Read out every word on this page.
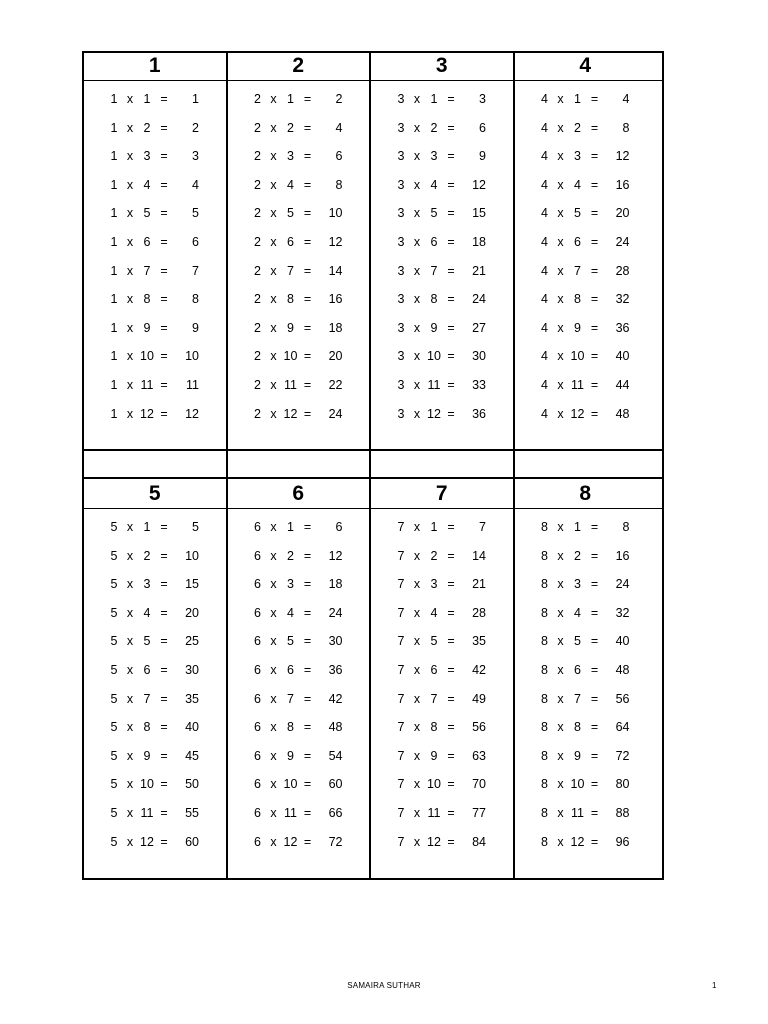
1
1 x 1 =	1
1 x 2 =	2
1 x 3 =	3
1 x 4 =	4
1 x 5 =	5
1 x 6 =	6
1 x 7 =	7
1 x 8 =	8
1 x 9 =	9
1 x 10 =	10
1 x 11 =	11
1 x 12 =	12
2
2 x 1 =	2
2 x 2 =	4
2 x 3 =	6
2 x 4 =	8
2 x 5 =	10
2 x 6 =	12
2 x 7 =	14
2 x 8 =	16
2 x 9 =	18
2 x 10 =	20
2 x 11 =	22
2 x 12 =	24
3
3 x 1 =	3
3 x 2 =	6
3 x 3 =	9
3 x 4 =	12
3 x 5 =	15
3 x 6 =	18
3 x 7 =	21
3 x 8 =	24
3 x 9 =	27
3 x 10 =	30
3 x 11 =	33
3 x 12 =	36
4
4 x 1 =	4
4 x 2 =	8
4 x 3 =	12
4 x 4 =	16
4 x 5 =	20
4 x 6 =	24
4 x 7 =	28
4 x 8 =	32
4 x 9 =	36
4 x 10 =	40
4 x 11 =	44
4 x 12 =	48
5
5 x 1 =	5
5 x 2 =	10
5 x 3 =	15
5 x 4 =	20
5 x 5 =	25
5 x 6 =	30
5 x 7 =	35
5 x 8 =	40
5 x 9 =	45
5 x 10 =	50
5 x 11 =	55
5 x 12 =	60
6
6 x 1 =	6
6 x 2 =	12
6 x 3 =	18
6 x 4 =	24
6 x 5 =	30
6 x 6 =	36
6 x 7 =	42
6 x 8 =	48
6 x 9 =	54
6 x 10 =	60
6 x 11 =	66
6 x 12 =	72
7
7 x 1 =	7
7 x 2 =	14
7 x 3 =	21
7 x 4 =	28
7 x 5 =	35
7 x 6 =	42
7 x 7 =	49
7 x 8 =	56
7 x 9 =	63
7 x 10 =	70
7 x 11 =	77
7 x 12 =	84
8
8 x 1 =	8
8 x 2 =	16
8 x 3 =	24
8 x 4 =	32
8 x 5 =	40
8 x 6 =	48
8 x 7 =	56
8 x 8 =	64
8 x 9 =	72
8 x 10 =	80
8 x 11 =	88
8 x 12 =	96
SAMAIRA SUTHAR	1
